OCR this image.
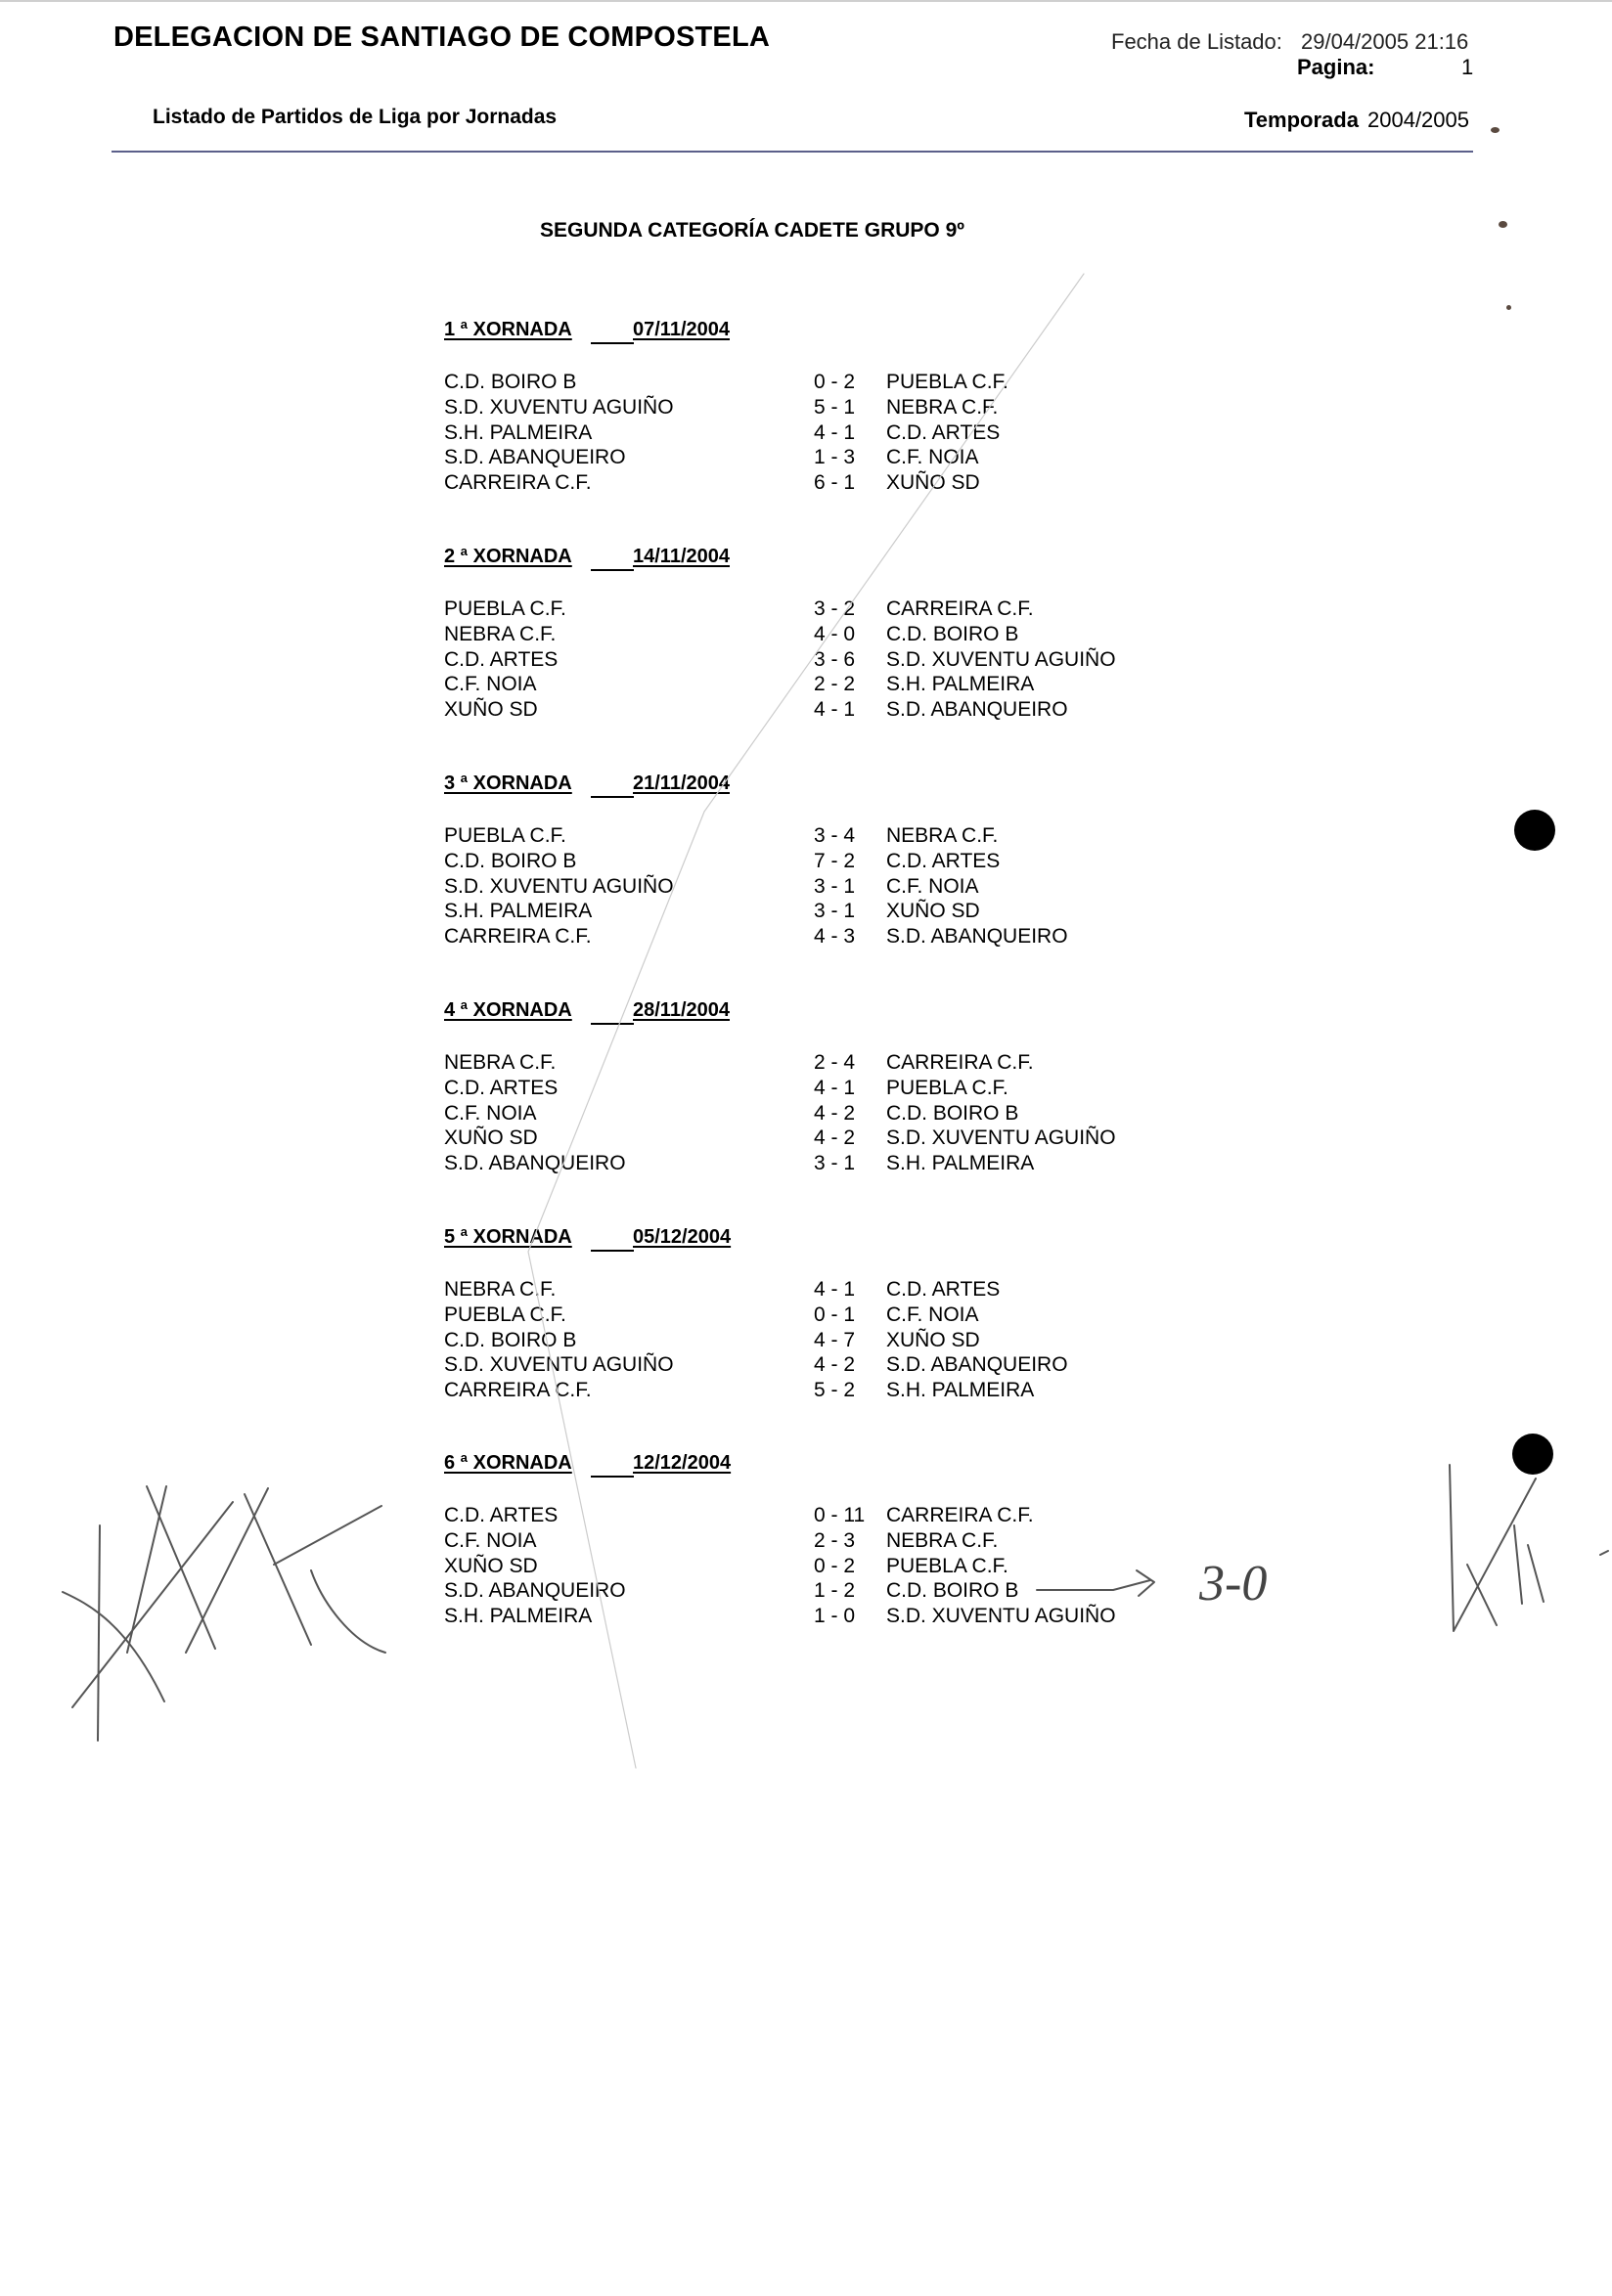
DELEGACION DE SANTIAGO DE COMPOSTELA	Fecha de Listado: 29/04/2005 21:16
Pagina:	1
Listado de Partidos de Liga por Jornadas	Temporada 2004/2005
SEGUNDA CATEGORÍA CADETE GRUPO 9º
1 ª XORNADA	07/11/2004
C.D. BOIRO B	0 - 2 PUEBLA C.F.
S.D. XUVENTU AGUIÑO	5 - 1 NEBRA C.F.
S.H. PALMEIRA	4 - 1 C.D. ARTES
S.D. ABANQUEIRO	1 - 3 C.F. NOIA
CARREIRA C.F.	6 - 1 XUÑO SD
2 ª XORNADA	14/11/2004
PUEBLA C.F.	3 - 2 CARREIRA C.F.
NEBRA C.F.	4 - 0 C.D. BOIRO B
C.D. ARTES	3 - 6 S.D. XUVENTU AGUIÑO
C.F. NOIA	2 - 2 S.H. PALMEIRA
XUÑO SD	4 - 1 S.D. ABANQUEIRO
3 ª XORNADA	21/11/2004
PUEBLA C.F.	3 - 4 NEBRA C.F.
C.D. BOIRO B	7 - 2 C.D. ARTES
S.D. XUVENTU AGUIÑO	3 - 1 C.F. NOIA
S.H. PALMEIRA	3 - 1 XUÑO SD
CARREIRA C.F.	4 - 3 S.D. ABANQUEIRO
4 ª XORNADA	28/11/2004
NEBRA C.F.	2 - 4 CARREIRA C.F.
C.D. ARTES	4 - 1 PUEBLA C.F.
C.F. NOIA	4 - 2 C.D. BOIRO B
XUÑO SD	4 - 2 S.D. XUVENTU AGUIÑO
S.D. ABANQUEIRO	3 - 1 S.H. PALMEIRA
5 ª XORNADA	05/12/2004
NEBRA C.F.	4 - 1 C.D. ARTES
PUEBLA C.F.	0 - 1 C.F. NOIA
C.D. BOIRO B	4 - 7 XUÑO SD
S.D. XUVENTU AGUIÑO	4 - 2 S.D. ABANQUEIRO
CARREIRA C.F.	5 - 2 S.H. PALMEIRA
6 ª XORNADA	12/12/2004
C.D. ARTES	0 - 11 CARREIRA C.F.
C.F. NOIA	2 - 3 NEBRA C.F.
XUÑO SD	0 - 2 PUEBLA C.F.
S.D. ABANQUEIRO	1 - 2 C.D. BOIRO B
S.H. PALMEIRA	1 - 0 S.D. XUVENTU AGUIÑO
3-0
